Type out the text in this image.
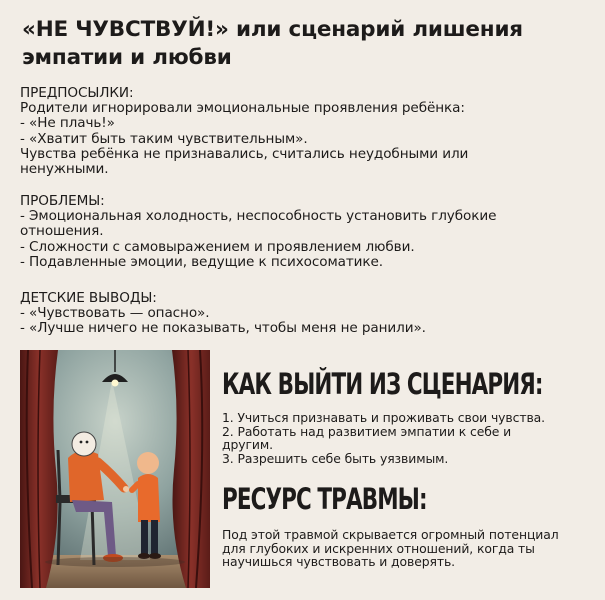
«НЕ ЧУВСТВУЙ!» или сценарий лишения
эмпатии и любви
ПРЕДПОСЫЛКИ:
Родители игнорировали эмоциональные проявления ребёнка:
- «Не плачь!»
- «Хватит быть таким чувствительным».
Чувства ребёнка не признавались, считались неудобными или ненужными.
ПРОБЛЕМЫ:
- Эмоциональная холодность, неспособность установить глубокие отношения.
- Сложности с самовыражением и проявлением любви.
- Подавленные эмоции, ведущие к психосоматике.
ДЕТСКИЕ ВЫВОДЫ:
- «Чувствовать — опасно».
- «Лучше ничего не показывать, чтобы меня не ранили».
КАК ВЫЙТИ ИЗ СЦЕНАРИЯ:
1. Учиться признавать и проживать свои чувства.
2. Работать над развитием эмпатии к себе и другим.
3. Разрешить себе быть уязвимым.
РЕСУРС ТРАВМЫ:
Под этой травмой скрывается огромный потенциал для глубоких и искренних отношений, когда ты научишься чувствовать и доверять.
